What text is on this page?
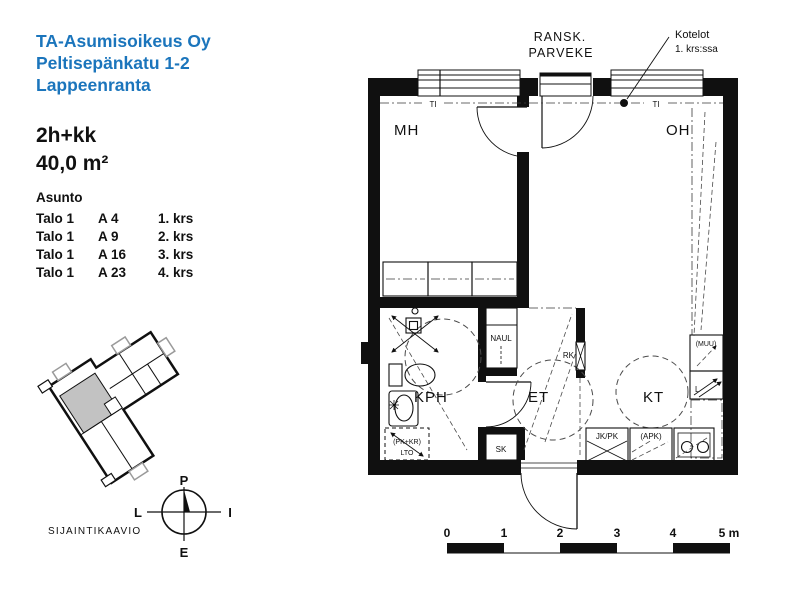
TA-Asumisoikeus Oy
Peltisepänkatu 1-2
Lappeenranta
2h+kk
40,0 m²
Asunto
Talo 1	A 4	1. krs
Talo 1	A 9	2. krs
Talo 1	A 16	3. krs
Talo 1	A 23	4. krs
(PK+KR)
LTO
NAUL
SK
RK
JK/PK	(APK)
(MUU)
L
RANSK.
PARVEKE
Kotelot
1. krs:ssa
TI	TI
MH	OH
KPH	ET	KT
0	1	2	3	4	5 m
SIJAINTIKAAVIO
P
E
I
L
